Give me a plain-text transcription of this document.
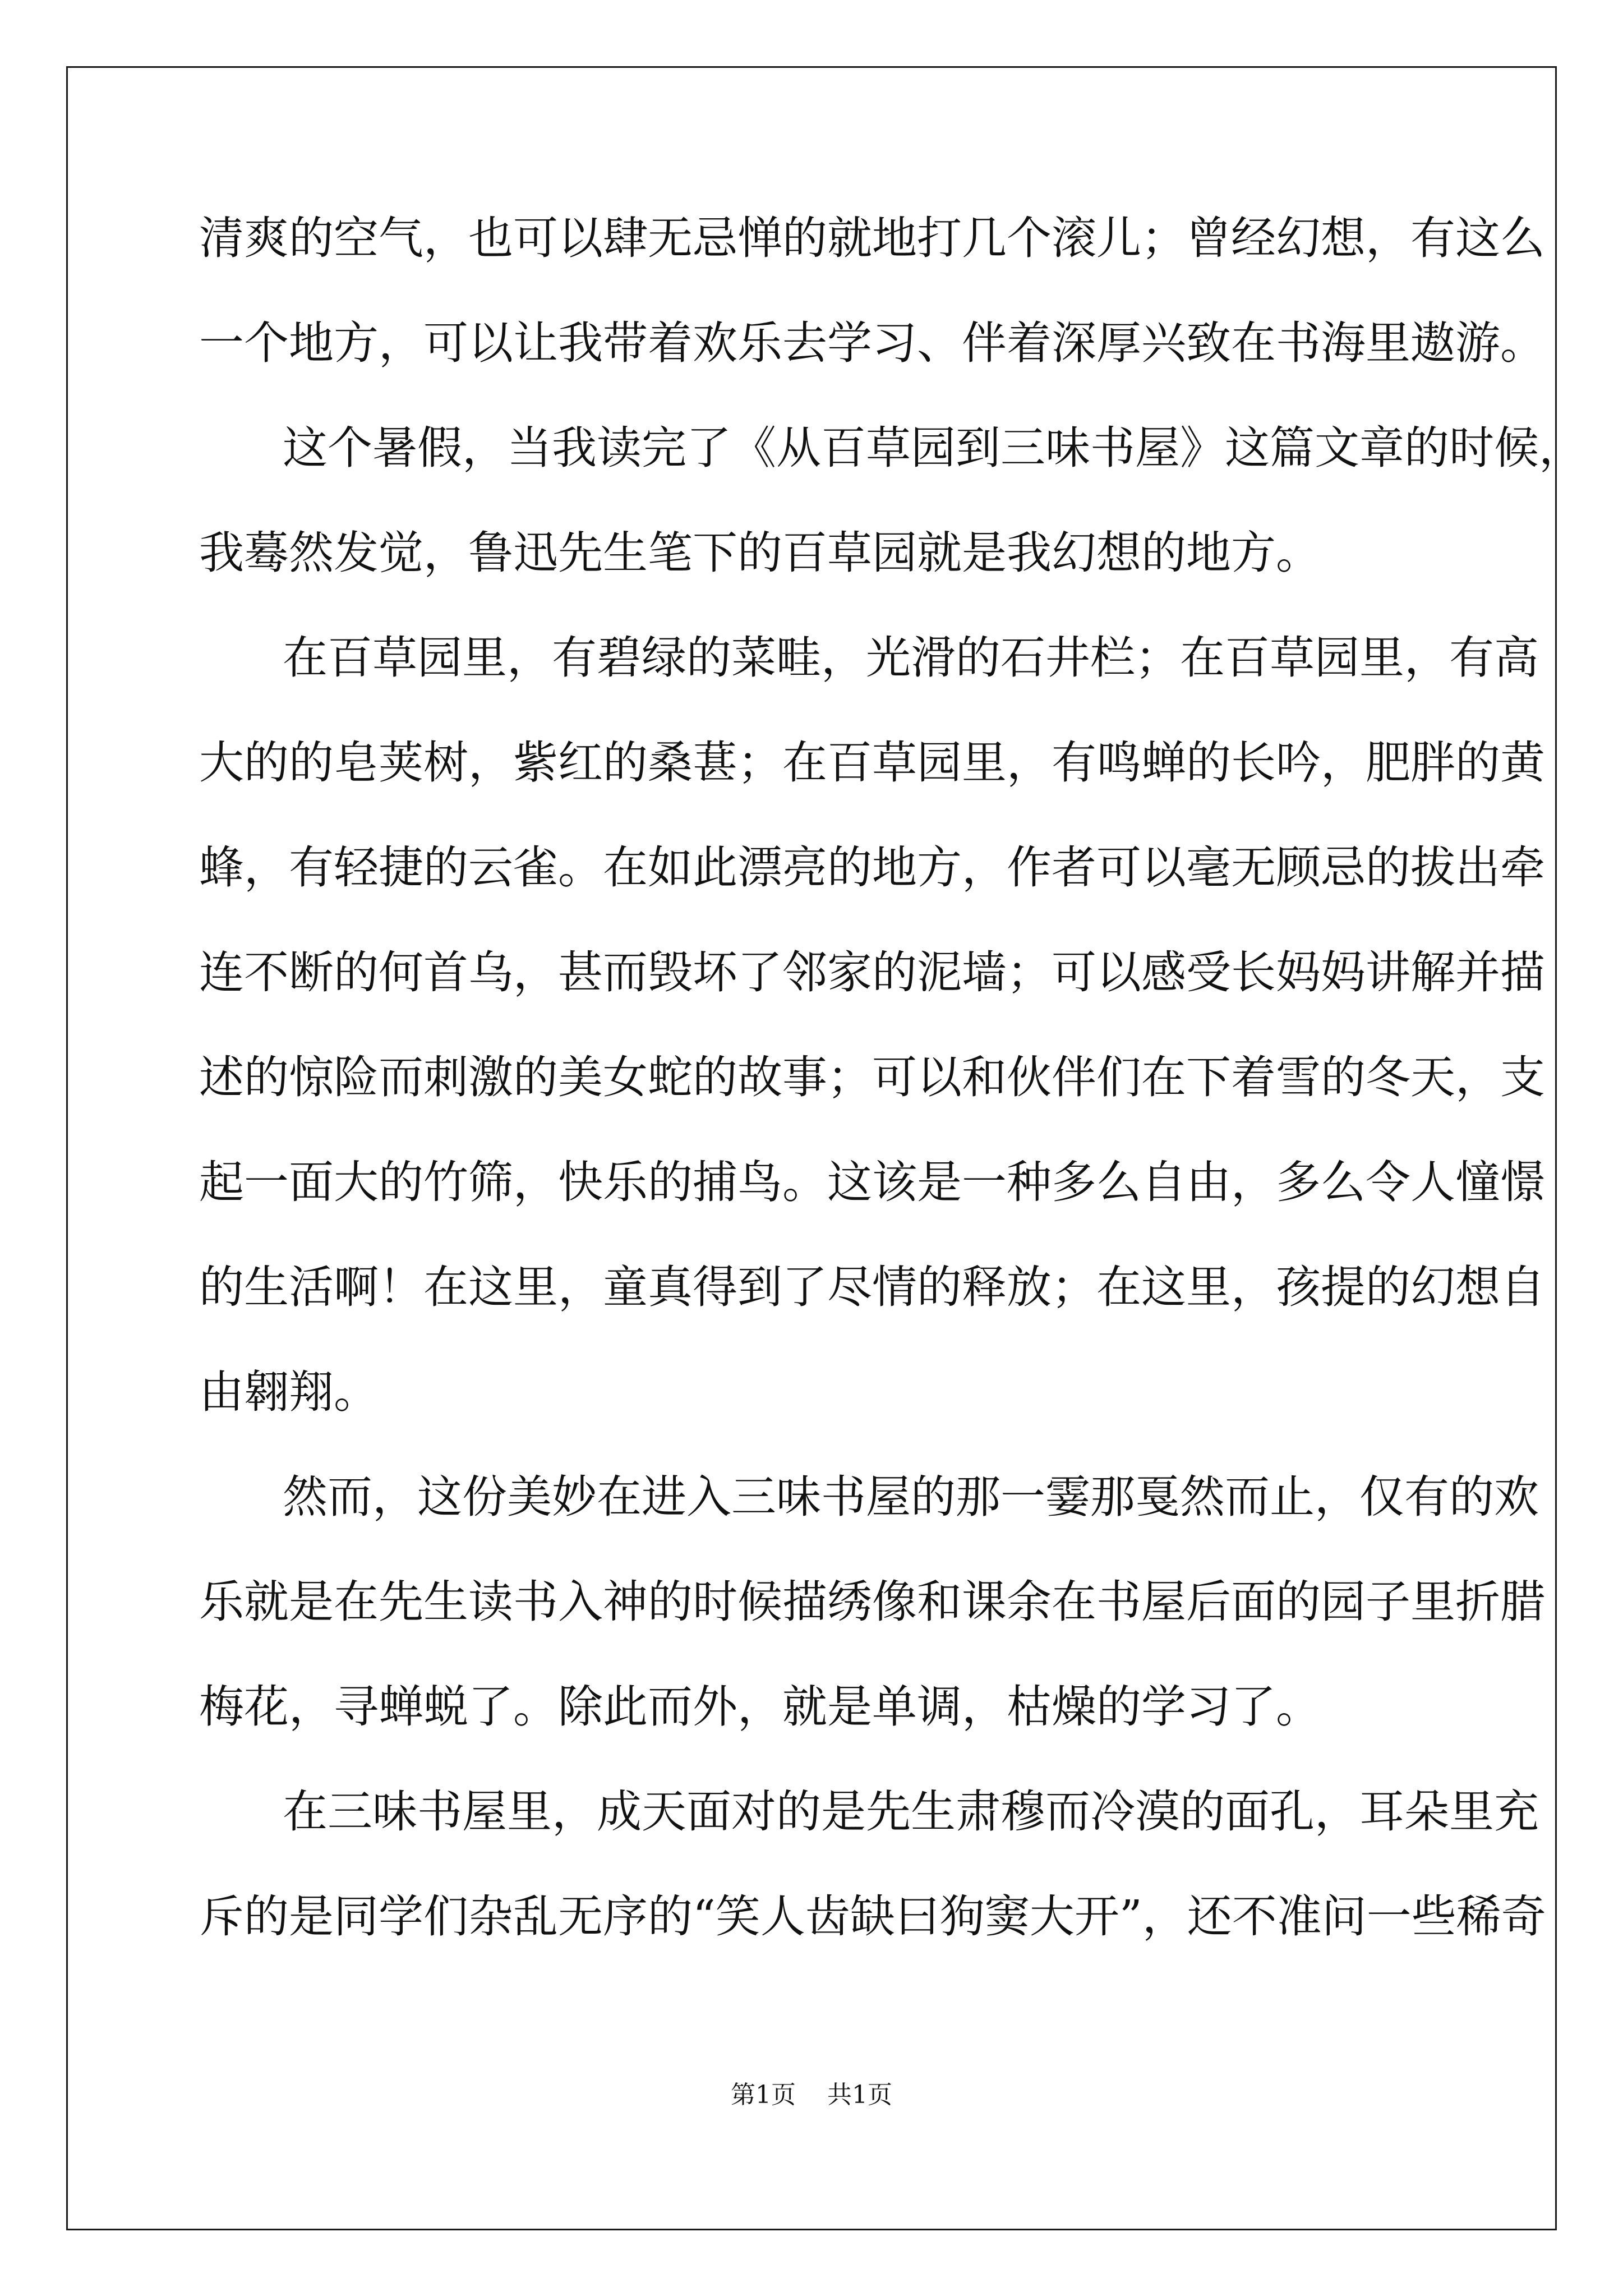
清爽的空气，也可以肆无忌惮的就地打几个滚儿；曾经幻想，有这么
一个地方，可以让我带着欢乐去学习、伴着深厚兴致在书海里遨游。
这个暑假，当我读完了《从百草园到三味书屋》这篇文章的时候，
我蓦然发觉，鲁迅先生笔下的百草园就是我幻想的地方。
在百草园里，有碧绿的菜畦，光滑的石井栏；在百草园里，有高
大的的皂荚树，紫红的桑葚；在百草园里，有鸣蝉的长吟，肥胖的黄
蜂，有轻捷的云雀。在如此漂亮的地方，作者可以毫无顾忌的拔出牵
连不断的何首乌，甚而毁坏了邻家的泥墙；可以感受长妈妈讲解并描
述的惊险而刺激的美女蛇的故事；可以和伙伴们在下着雪的冬天，支
起一面大的竹筛，快乐的捕鸟。这该是一种多么自由，多么令人憧憬
的生活啊！在这里，童真得到了尽情的释放；在这里，孩提的幻想自
由翱翔。
然而，这份美妙在进入三味书屋的那一霎那戛然而止，仅有的欢
乐就是在先生读书入神的时候描绣像和课余在书屋后面的园子里折腊
梅花，寻蝉蜕了。除此而外，就是单调，枯燥的学习了。
在三味书屋里，成天面对的是先生肃穆而冷漠的面孔，耳朵里充
斥的是同学们杂乱无序的“笑人齿缺曰狗窦大开”，还不准问一些稀奇
第1页 共1页
